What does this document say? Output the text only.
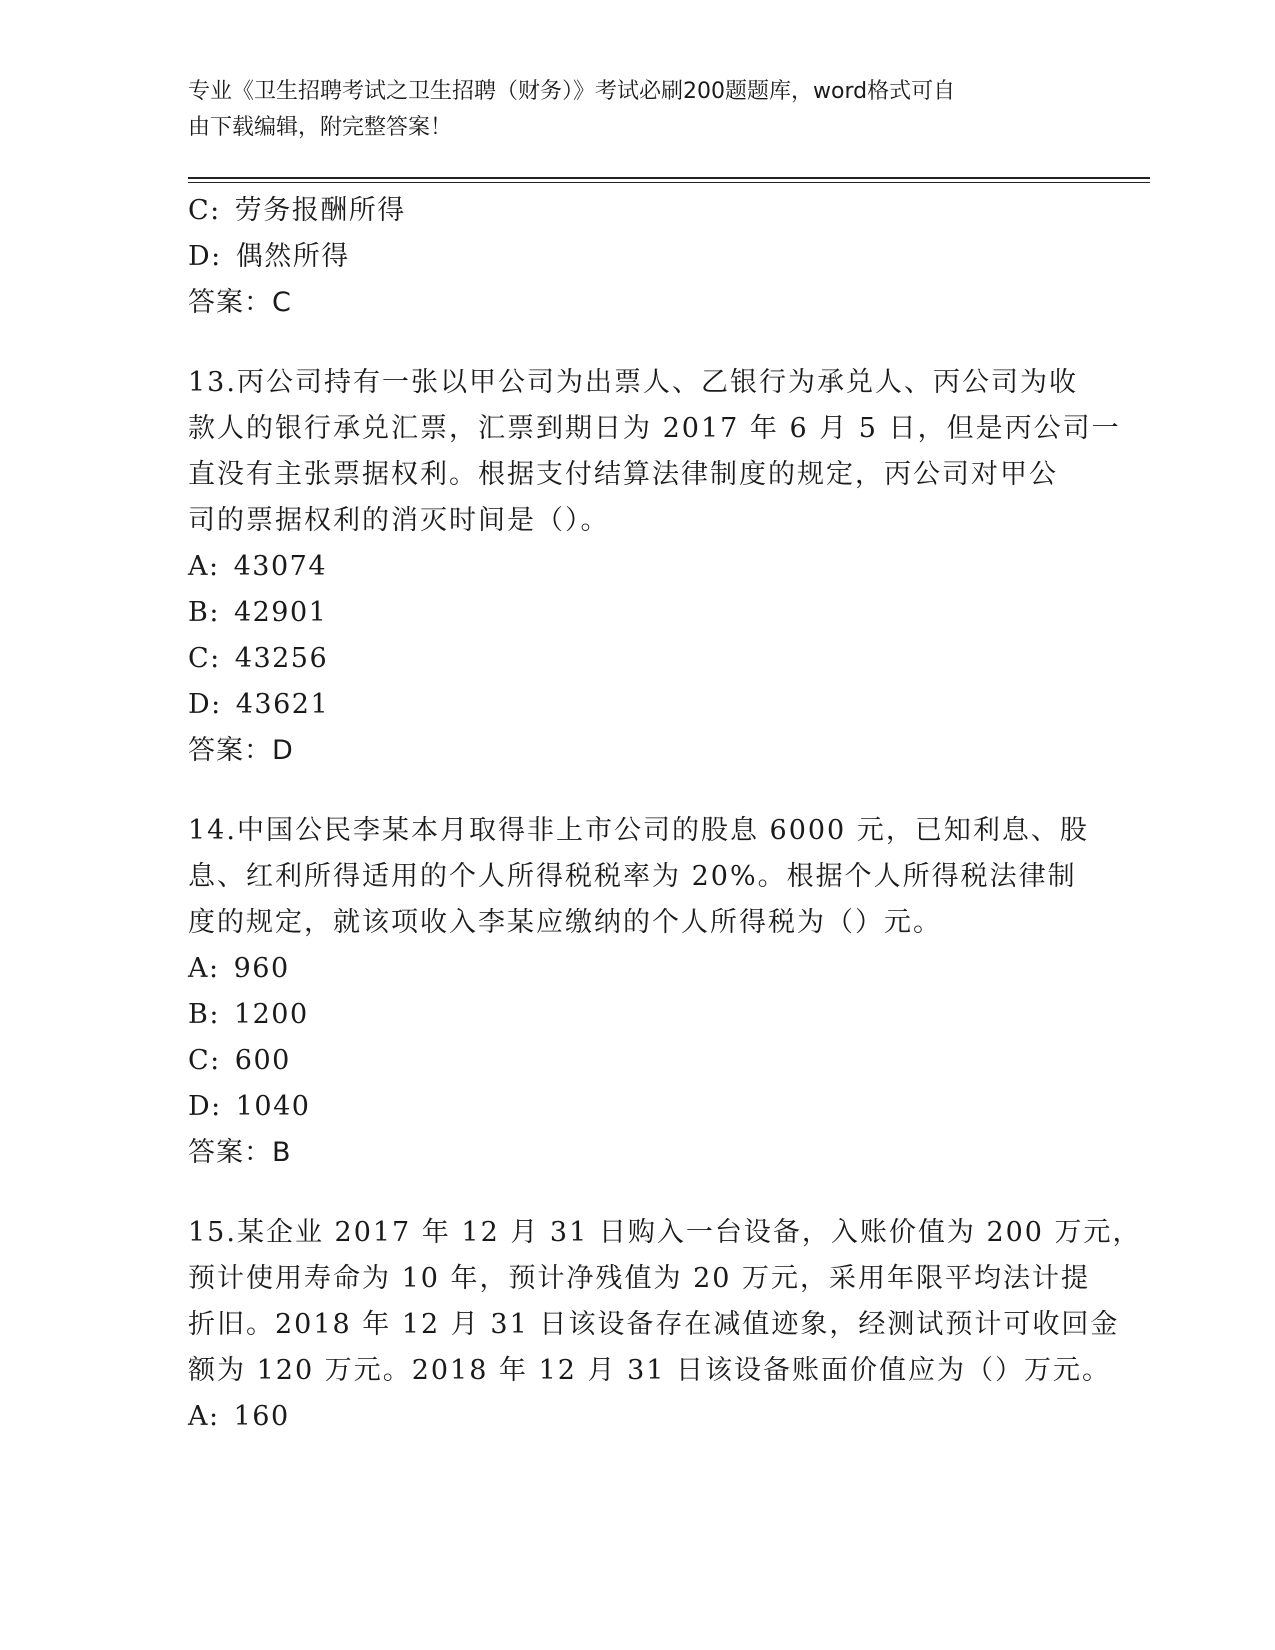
专业《卫生招聘考试之卫生招聘（财务）》考试必刷200题题库，word格式可自
由下载编辑，附完整答案！
C: 劳务报酬所得
D: 偶然所得
答案：C
13.丙公司持有一张以甲公司为出票人、乙银行为承兑人、丙公司为收
款人的银行承兑汇票，汇票到期日为 2017 年 6 月 5 日，但是丙公司一
直没有主张票据权利。根据支付结算法律制度的规定，丙公司对甲公
司的票据权利的消灭时间是（）。
A: 43074
B: 42901
C: 43256
D: 43621
答案：D
14.中国公民李某本月取得非上市公司的股息 6000 元，已知利息、股
息、红利所得适用的个人所得税税率为 20%。根据个人所得税法律制
度的规定，就该项收入李某应缴纳的个人所得税为（）元。
A: 960
B: 1200
C: 600
D: 1040
答案：B
15.某企业 2017 年 12 月 31 日购入一台设备，入账价值为 200 万元，
预计使用寿命为 10 年，预计净残值为 20 万元，采用年限平均法计提
折旧。2018 年 12 月 31 日该设备存在减值迹象，经测试预计可收回金
额为 120 万元。2018 年 12 月 31 日该设备账面价值应为（）万元。
A: 160
